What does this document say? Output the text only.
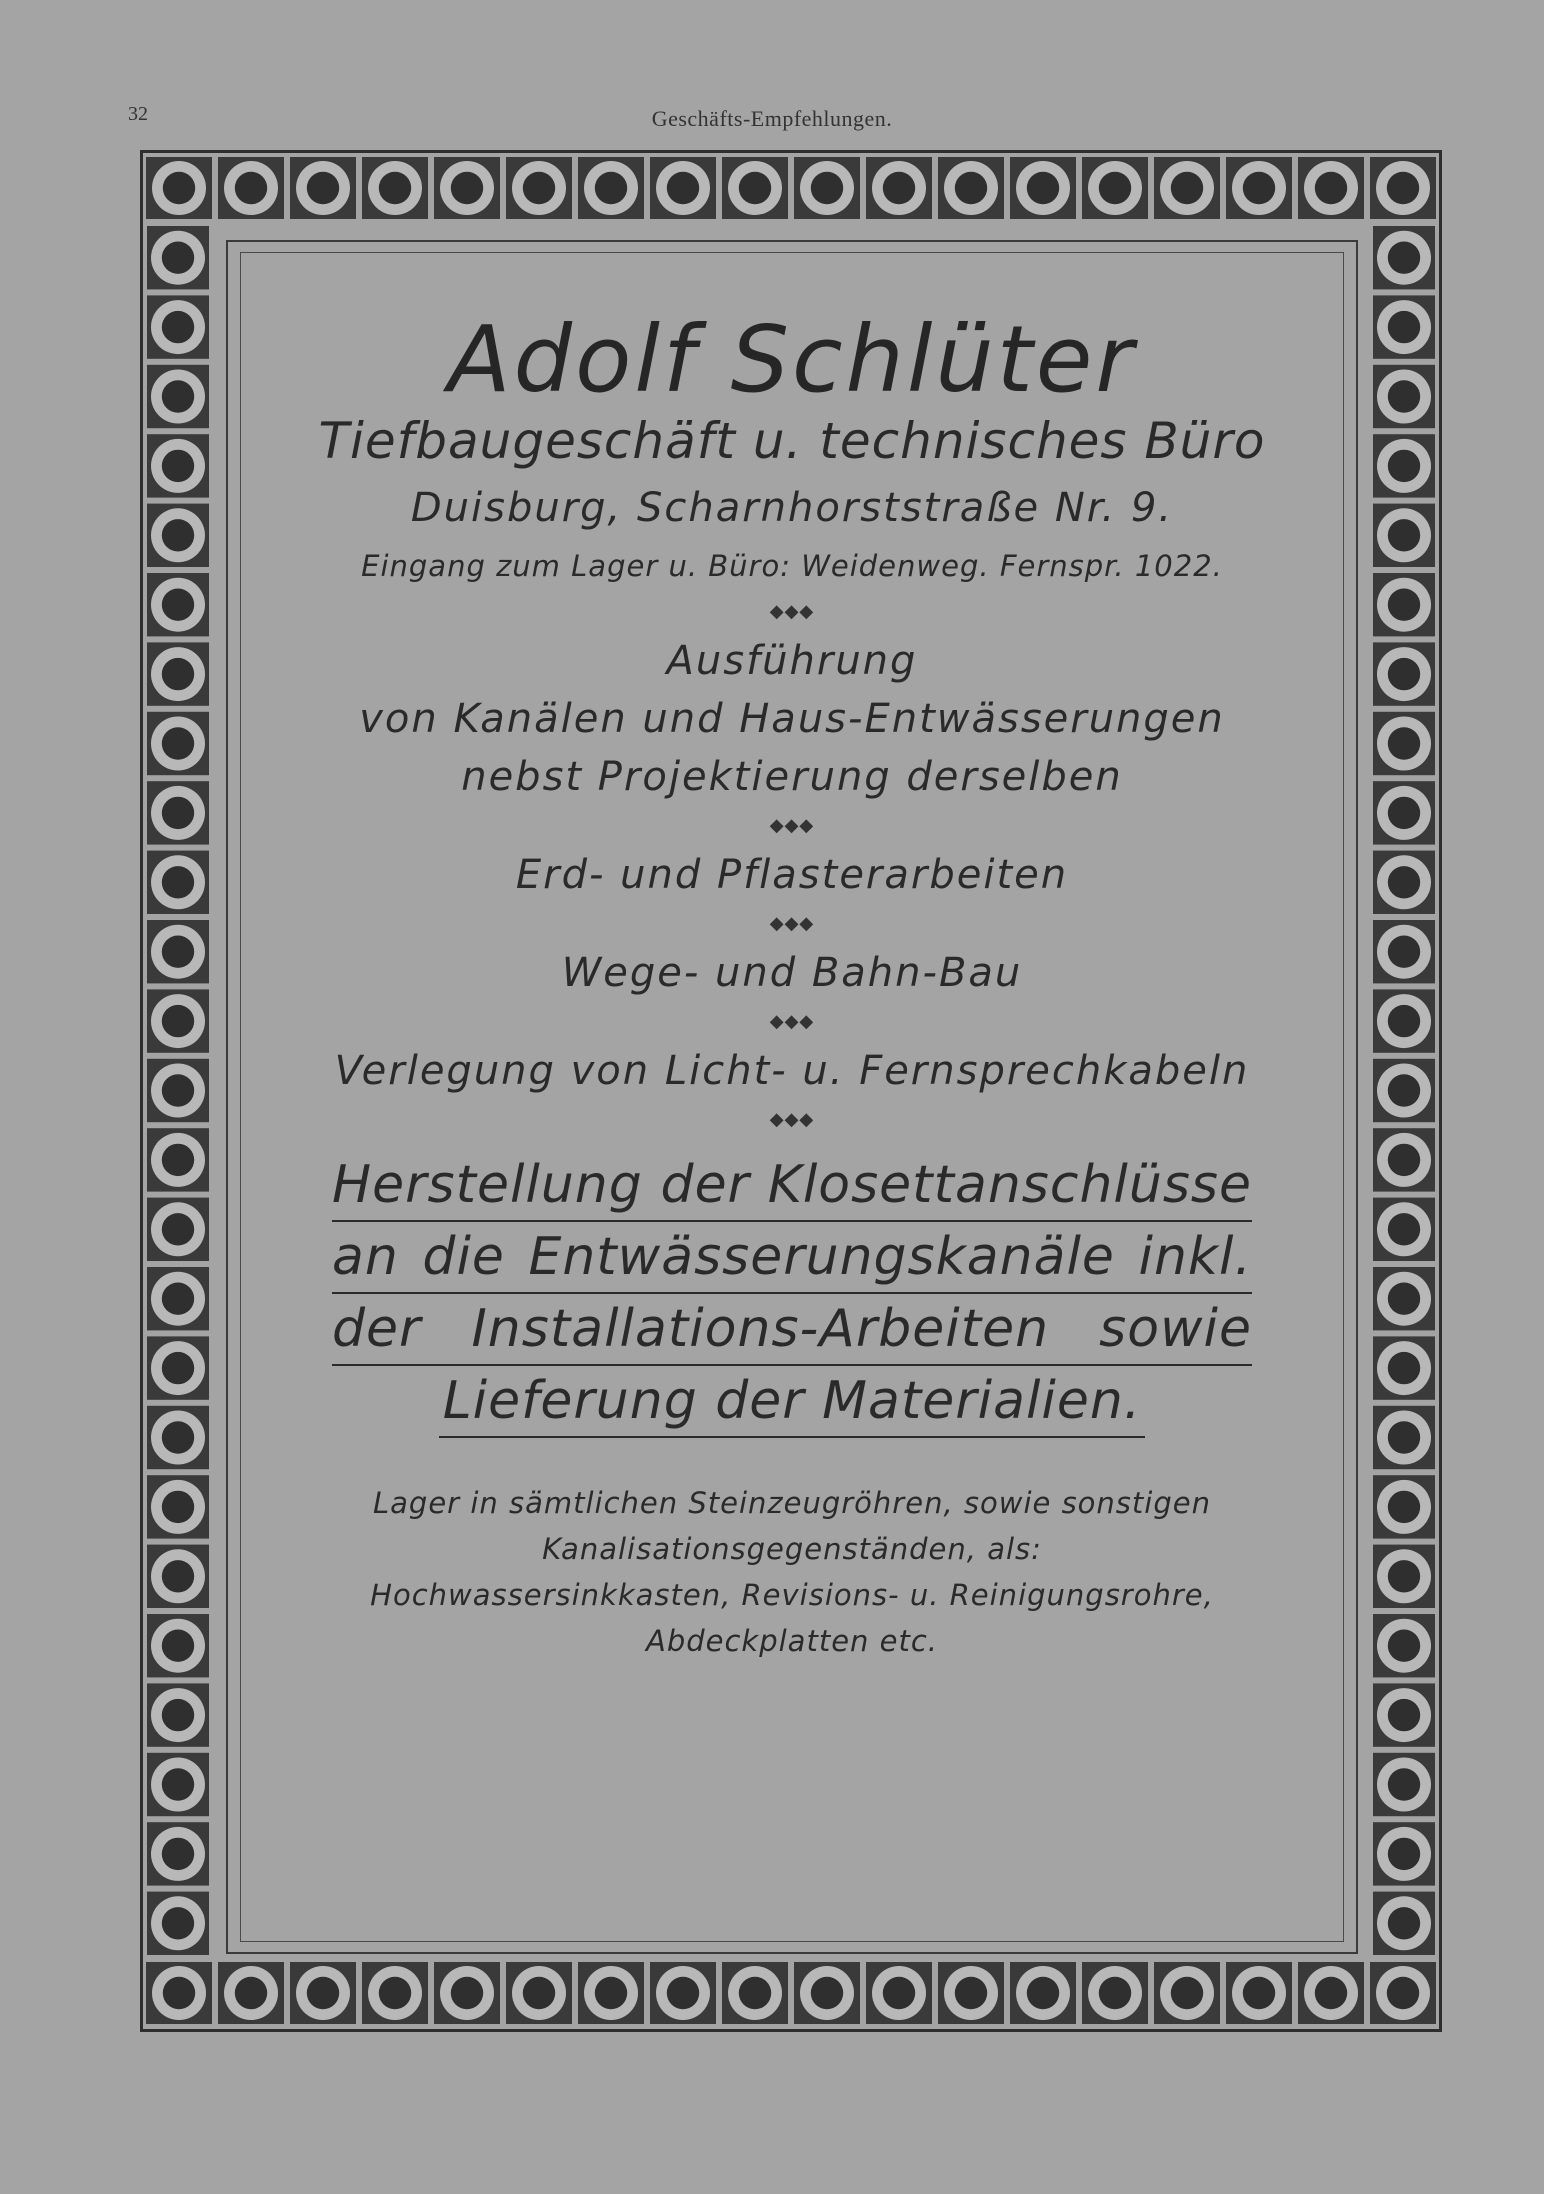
32	Geschäfts-Empfehlungen.
Adolf Schlüter

Tiefbaugeschäft u. technisches Büro

Duisburg, Scharnhorststraße Nr. 9.

Eingang zum Lager u. Büro: Weidenweg. Fernspr. 1022.

◆◆◆

Ausführung

von Kanälen und Haus-Entwässerungen

nebst Projektierung derselben

◆◆◆

Erd- und Pflasterarbeiten

◆◆◆

Wege- und Bahn-Bau

◆◆◆

Verlegung von Licht- u. Fernsprechkabeln

◆◆◆
Herstellung der Klosettanschlüsse
an die Entwässerungskanäle inkl.
der Installations-Arbeiten sowie
Lieferung der Materialien.

Lager in sämtlichen Steinzeugröhren, sowie sonstigen

Kanalisationsgegenständen, als:

Hochwassersinkkasten, Revisions- u. Reinigungsrohre,

Abdeckplatten etc.
